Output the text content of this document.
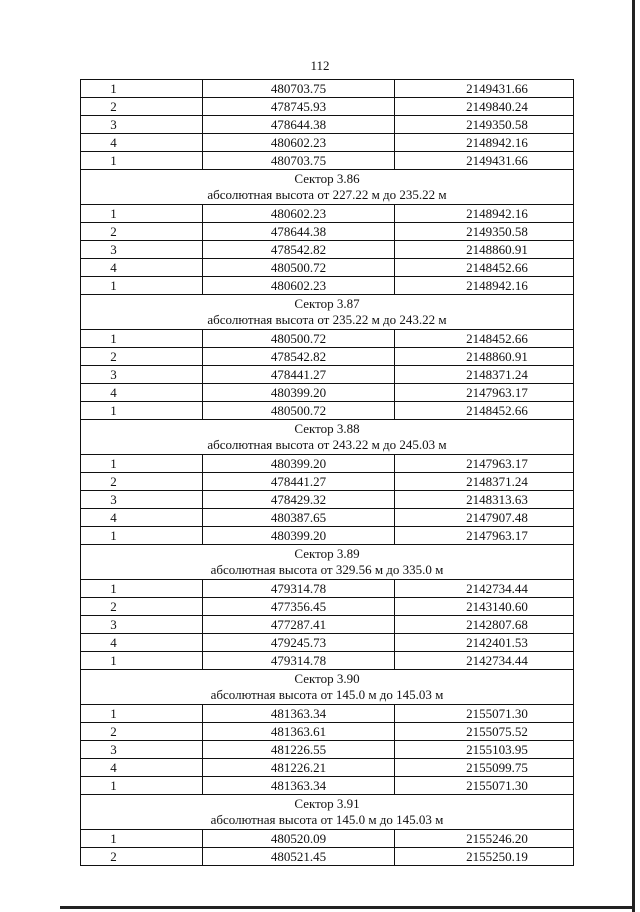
112
1	480703.75	2149431.66
2	478745.93	2149840.24
3	478644.38	2149350.58
4	480602.23	2148942.16
1	480703.75	2149431.66

Сектор 3.86
абсолютная высота от 227.22 м до 235.22 м		

1	480602.23	2148942.16
2	478644.38	2149350.58
3	478542.82	2148860.91
4	480500.72	2148452.66
1	480602.23	2148942.16

Сектор 3.87
абсолютная высота от 235.22 м до 243.22 м		

1	480500.72	2148452.66
2	478542.82	2148860.91
3	478441.27	2148371.24
4	480399.20	2147963.17
1	480500.72	2148452.66

Сектор 3.88
абсолютная высота от 243.22 м до 245.03 м		

1	480399.20	2147963.17
2	478441.27	2148371.24
3	478429.32	2148313.63
4	480387.65	2147907.48
1	480399.20	2147963.17

Сектор 3.89
абсолютная высота от 329.56 м до 335.0 м		

1	479314.78	2142734.44
2	477356.45	2143140.60
3	477287.41	2142807.68
4	479245.73	2142401.53
1	479314.78	2142734.44

Сектор 3.90
абсолютная высота от 145.0 м до 145.03 м		

1	481363.34	2155071.30
2	481363.61	2155075.52
3	481226.55	2155103.95
4	481226.21	2155099.75
1	481363.34	2155071.30

Сектор 3.91
абсолютная высота от 145.0 м до 145.03 м		

1	480520.09	2155246.20
2	480521.45	2155250.19
